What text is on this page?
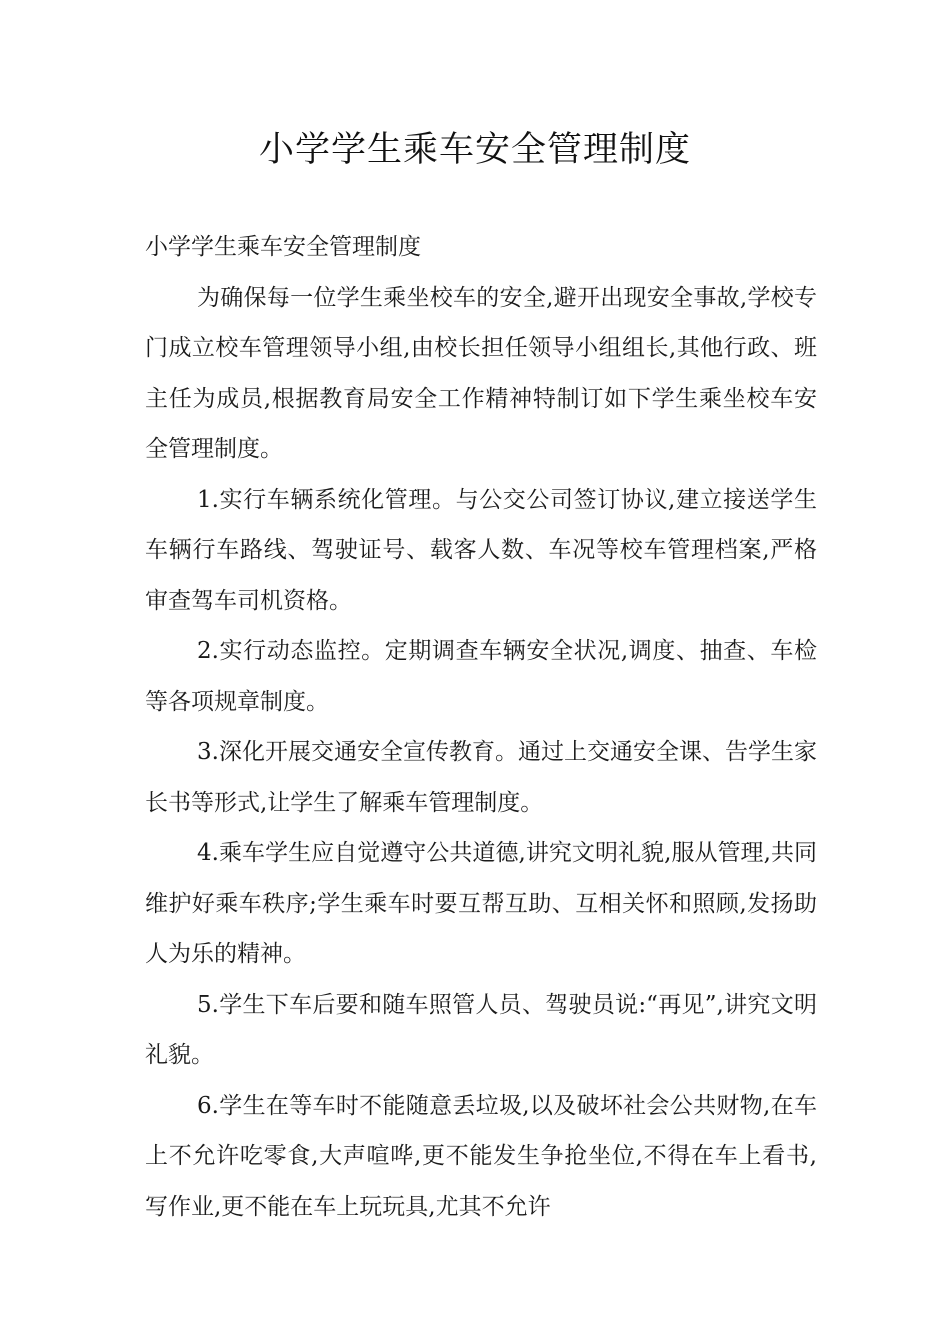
小学学生乘车安全管理制度

小学学生乘车安全管理制度

为确保每一位学生乘坐校车的安全,避开出现安全事故,学校专门成立校车管理领导小组,由校长担任领导小组组长,其他行政、班主任为成员,根据教育局安全工作精神特制订如下学生乘坐校车安全管理制度。

1.实行车辆系统化管理。与公交公司签订协议,建立接送学生车辆行车路线、驾驶证号、载客人数、车况等校车管理档案,严格审查驾车司机资格。

2.实行动态监控。定期调查车辆安全状况,调度、抽查、车检等各项规章制度。

3.深化开展交通安全宣传教育。通过上交通安全课、告学生家长书等形式,让学生了解乘车管理制度。

4.乘车学生应自觉遵守公共道德,讲究文明礼貌,服从管理,共同维护好乘车秩序;学生乘车时要互帮互助、互相关怀和照顾,发扬助人为乐的精神。

5.学生下车后要和随车照管人员、驾驶员说:“再见”,讲究文明礼貌。

6.学生在等车时不能随意丢垃圾,以及破坏社会公共财物,在车上不允许吃零食,大声喧哗,更不能发生争抢坐位,不得在车上看书,写作业,更不能在车上玩玩具,尤其不允许
